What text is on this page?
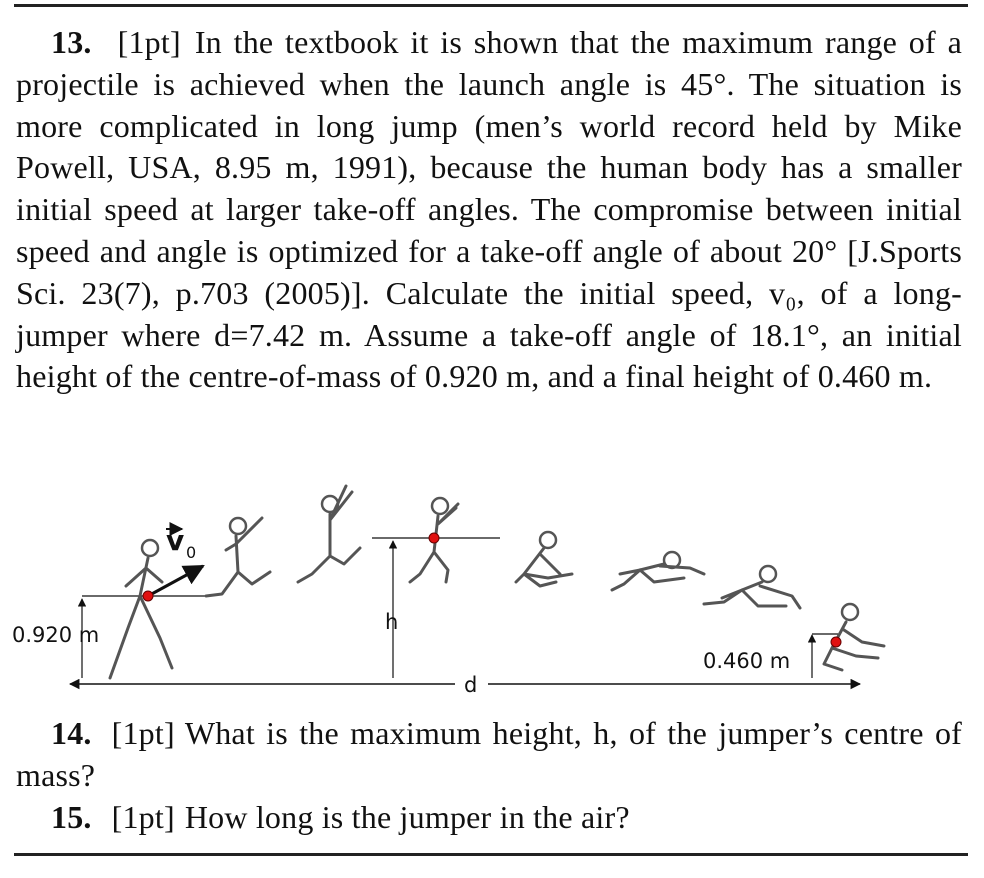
13. [1pt] In the textbook it is shown that the maximum range of a projectile is achieved when the launch angle is 45°. The situation is more complicated in long jump (men’s world record held by Mike Powell, USA, 8.95 m, 1991), because the human body has a smaller initial speed at larger take-off angles. The compromise between initial speed and angle is optimized for a take-off angle of about 20° [J.Sports Sci. 23(7), p.703 (2005)]. Calculate the initial speed, v₀, of a long-jumper where d=7.42 m. Assume a take-off angle of 18.1°, an initial height of the centre-of-mass of 0.920 m, and a final height of 0.460 m.
d
0.920 m
h
0.460 m
v 0
14. [1pt] What is the maximum height, h, of the jumper’s centre of mass?
15. [1pt] How long is the jumper in the air?
